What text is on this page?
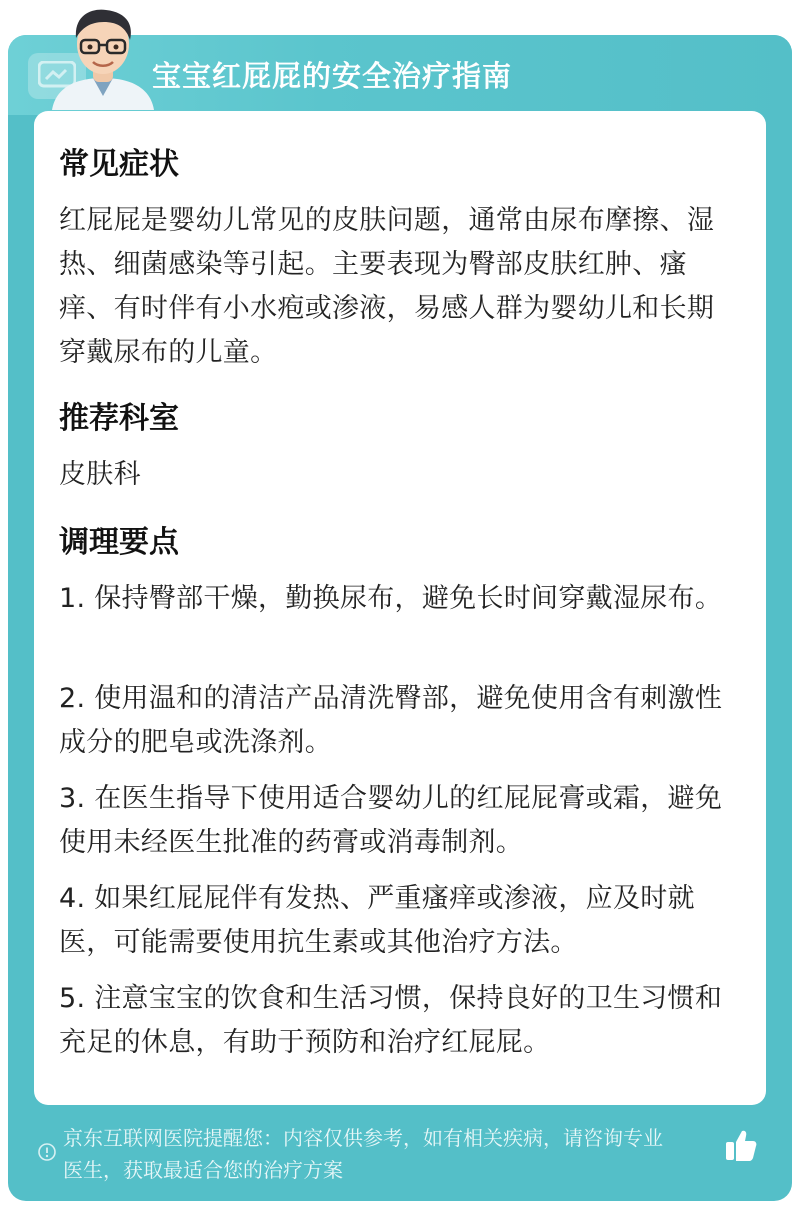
宝宝红屁屁的安全治疗指南
常见症状
红屁屁是婴幼儿常见的皮肤问题，通常由尿布摩擦、湿热、细菌感染等引起。主要表现为臀部皮肤红肿、瘙痒、有时伴有小水疱或渗液，易感人群为婴幼儿和长期穿戴尿布的儿童。
推荐科室
皮肤科
调理要点
1. 保持臀部干燥，勤换尿布，避免长时间穿戴湿尿布。
2. 使用温和的清洁产品清洗臀部，避免使用含有刺激性成分的肥皂或洗涤剂。
3. 在医生指导下使用适合婴幼儿的红屁屁膏或霜，避免使用未经医生批准的药膏或消毒制剂。
4. 如果红屁屁伴有发热、严重瘙痒或渗液，应及时就医，可能需要使用抗生素或其他治疗方法。
5. 注意宝宝的饮食和生活习惯，保持良好的卫生习惯和充足的休息，有助于预防和治疗红屁屁。
京东互联网医院提醒您：内容仅供参考，如有相关疾病，请咨询专业医生，获取最适合您的治疗方案
